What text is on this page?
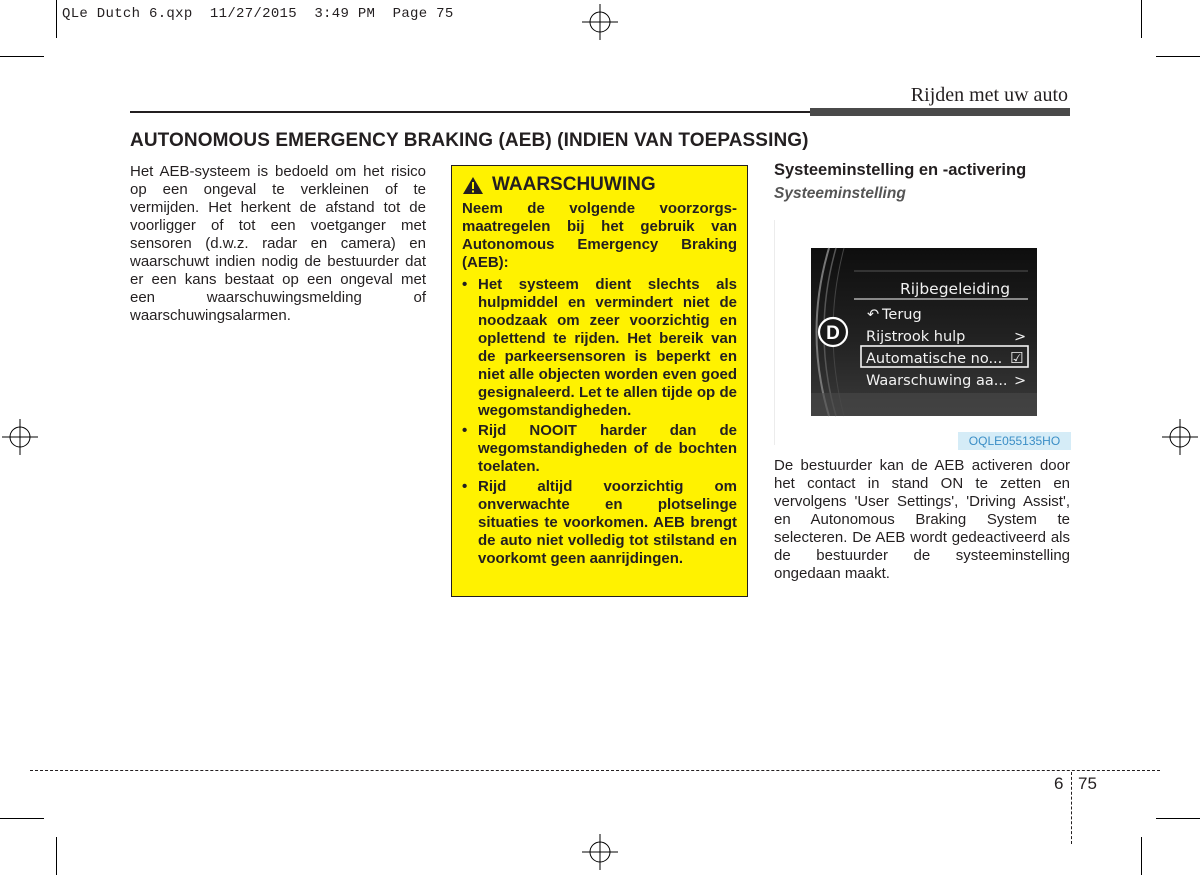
QLe Dutch 6.qxp  11/27/2015  3:49 PM  Page 75
Rijden met uw auto
AUTONOMOUS EMERGENCY BRAKING (AEB) (INDIEN VAN TOEPASSING)
Het AEB-systeem is bedoeld om het risico op een ongeval te verkleinen of te vermijden. Het herkent de afstand tot de voorligger of tot een voetganger met sensoren (d.w.z. radar en camera) en waarschuwt indien nodig de bestuurder dat er een kans bestaat op een ongeval met een waarschuwingsmelding of waarschuwingsalarmen.
WAARSCHUWING
Neem de volgende voorzorgs-maatregelen bij het gebruik van Autonomous Emergency Braking (AEB):
• Het systeem dient slechts als hulpmiddel en vermindert niet de noodzaak om zeer voorzichtig en oplettend te rijden. Het bereik van de parkeersensoren is beperkt en niet alle objecten worden even goed gesignaleerd. Let te allen tijde op de wegomstandigheden.
• Rijd NOOIT harder dan de wegomstandigheden of de bochten toelaten.
• Rijd altijd voorzichtig om onverwachte en plotselinge situaties te voorkomen. AEB brengt de auto niet volledig tot stilstand en voorkomt geen aanrijdingen.
Systeeminstelling en -activering
Systeeminstelling
D
Rijbegeleiding
↶ Terug
Rijstrook hulp	>
Automatische no... ☑
Waarschuwing aa... >
OQLE055135HO
De bestuurder kan de AEB activeren door het contact in stand ON te zetten en vervolgens 'User Settings', 'Driving Assist', en Autonomous Braking System te selecteren. De AEB wordt gedeactiveerd als de bestuurder de systeeminstelling ongedaan maakt.
6 75
